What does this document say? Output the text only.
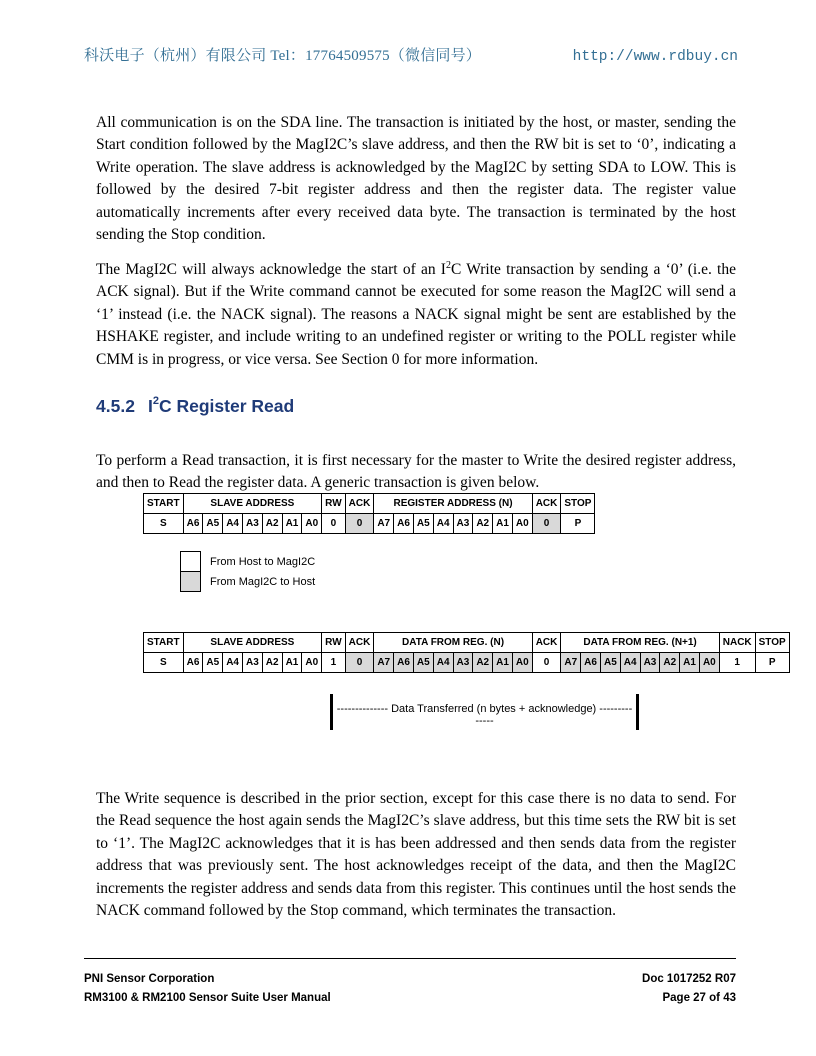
科沃电子（杭州）有限公司 Tel：17764509575（微信同号）	http://www.rdbuy.cn

All communication is on the SDA line. The transaction is initiated by the host, or master, sending the Start condition followed by the MagI2C’s slave address, and then the RW bit is set to ‘0’, indicating a Write operation. The slave address is acknowledged by the MagI2C by setting SDA to LOW. This is followed by the desired 7-bit register address and then the register data. The register value automatically increments after every received data byte. The transaction is terminated by the host sending the Stop condition.

The MagI2C will always acknowledge the start of an $I^2C$ Write transaction by sending a ‘0’ (i.e. the ACK signal). But if the Write command cannot be executed for some reason the MagI2C will send a ‘1’ instead (i.e. the NACK signal). The reasons a NACK signal might be sent are established by the HSHAKE register, and include writing to an undefined register or writing to the POLL register while CMM is in progress, or vice versa. See Section 0 for more information.

4.5.2 $I^2C$ Register Read

To perform a Read transaction, it is first necessary for the master to Write the desired register address, and then to Read the register data. A generic transaction is given below.

START	SLAVE ADDRESS							RW	ACK	REGISTER ADDRESS (N)								ACK	STOP
S	A6	A5	A4	A3	A2	A1	A0	0	0	A7	A6	A5	A4	A3	A2	A1	A0	0	P
From Host to MagI2C
From MagI2C to Host
START	SLAVE ADDRESS							RW	ACK	DATA FROM REG. (N)								ACK	DATA FROM REG. (N+1)								NACK	STOP
S	A6	A5	A4	A3	A2	A1	A0	1	0	A7	A6	A5	A4	A3	A2	A1	A0	0	A7	A6	A5	A4	A3	A2	A1	A0	1	P
-------------- Data Transferred (n bytes + acknowledge) --------------

The Write sequence is described in the prior section, except for this case there is no data to send. For the Read sequence the host again sends the MagI2C’s slave address, but this time sets the RW bit is set to ‘1’. The MagI2C acknowledges that it is has been addressed and then sends data from the register address that was previously sent. The host acknowledges receipt of the data, and then the MagI2C increments the register address and sends data from this register. This continues until the host sends the NACK command followed by the Stop command, which terminates the transaction.

PNI Sensor Corporation
RM3100 & RM2100 Sensor Suite User Manual
Doc 1017252 R07
Page 27 of 43
